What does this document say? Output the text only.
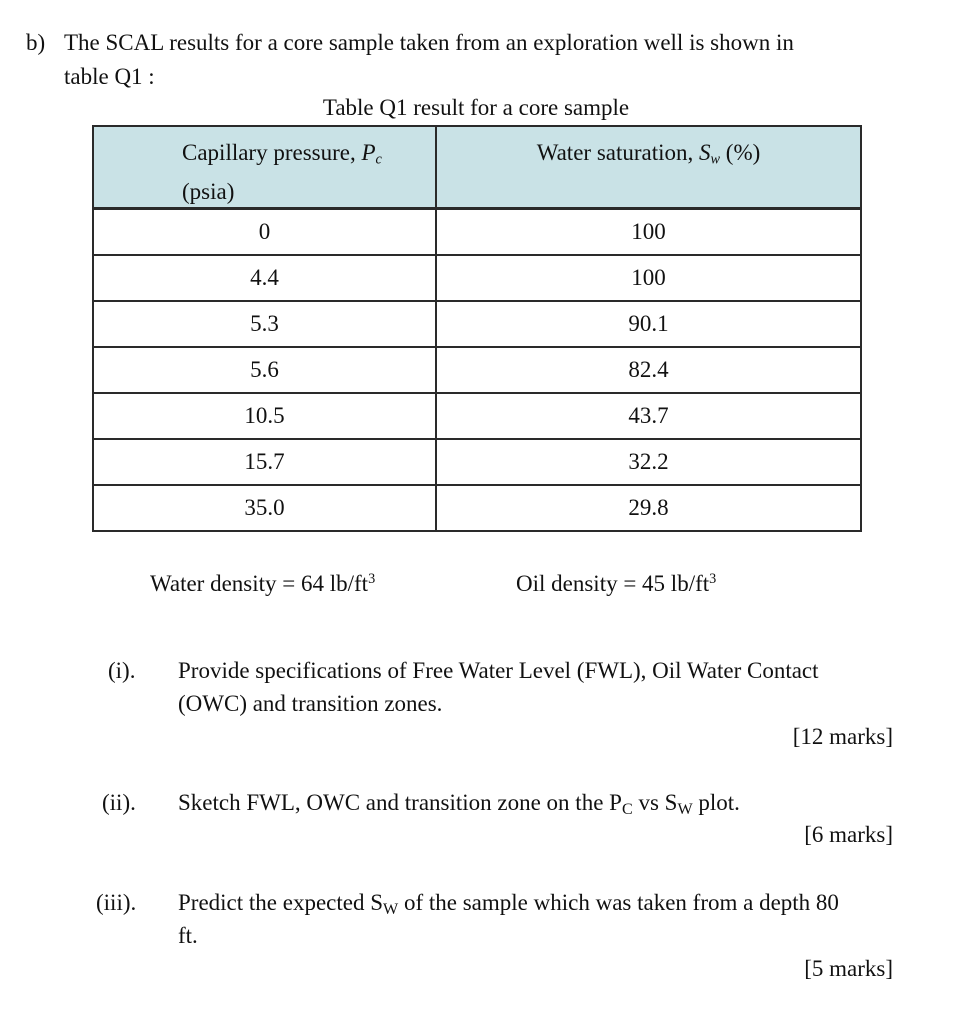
b) The SCAL results for a core sample taken from an exploration well is shown in
table Q1 :
Table Q1 result for a core sample
Capillary pressure, $P_c$
(psia)	Water saturation, $S_w$ (%)

0	100
4.4	100
5.3	90.1
5.6	82.4
10.5	43.7
15.7	32.2
35.0	29.8
Water density = 64 $lb/ft^3$	Oil density = 45 $lb/ft^3$
(i). Provide specifications of Free Water Level (FWL), Oil Water Contact
(OWC) and transition zones.
[12 marks]
(ii). Sketch FWL, OWC and transition zone on the $P_C$ vs $S_W$ plot.
[6 marks]
(iii). Predict the expected $S_W$ of the sample which was taken from a depth 80
ft.
[5 marks]
